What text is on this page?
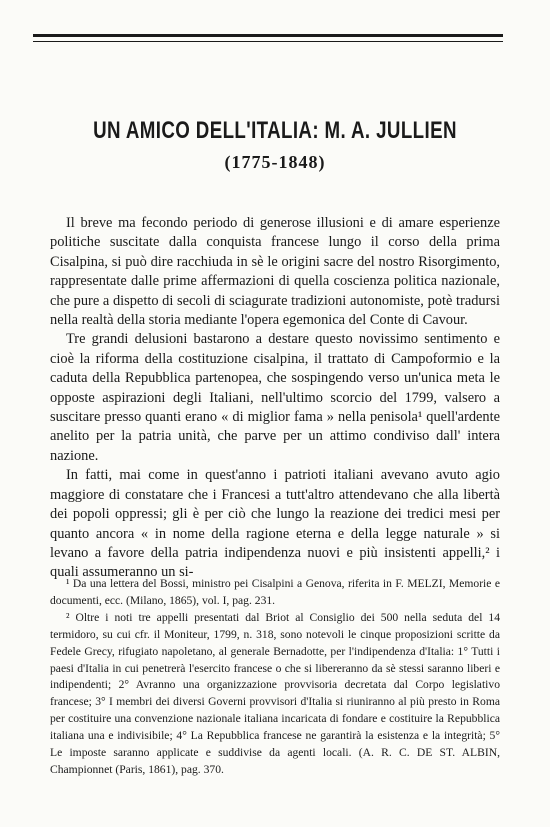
UN AMICO DELL'ITALIA: M. A. JULLIEN
(1775-1848)

Il breve ma fecondo periodo di generose illusioni e di amare esperienze politiche suscitate dalla conquista francese lungo il corso della prima Cisalpina, si può dire racchiuda in sè le origini sacre del nostro Risorgimento, rappresentate dalle prime affermazioni di quella coscienza politica nazionale, che pure a dispetto di secoli di sciagurate tradizioni autonomiste, potè tradursi nella realtà della storia mediante l'opera egemonica del Conte di Cavour.

Tre grandi delusioni bastarono a destare questo novissimo sentimento e cioè la riforma della costituzione cisalpina, il trattato di Campoformio e la caduta della Repubblica partenopea, che sospingendo verso un'unica meta le opposte aspirazioni degli Italiani, nell'ultimo scorcio del 1799, valsero a suscitare presso quanti erano « di miglior fama » nella penisola¹ quell'ardente anelito per la patria unità, che parve per un attimo condiviso dall' intera nazione.

In fatti, mai come in quest'anno i patrioti italiani avevano avuto agio maggiore di constatare che i Francesi a tutt'altro attendevano che alla libertà dei popoli oppressi; gli è per ciò che lungo la reazione dei tredici mesi per quanto ancora « in nome della ragione eterna e della legge naturale » si levano a favore della patria indipendenza nuovi e più insistenti appelli,² i quali assumeranno un si-

¹ Da una lettera del Bossi, ministro pei Cisalpini a Genova, riferita in F. MELZI, Memorie e documenti, ecc. (Milano, 1865), vol. I, pag. 231.

² Oltre i noti tre appelli presentati dal Briot al Consiglio dei 500 nella seduta del 14 termidoro, su cui cfr. il Moniteur, 1799, n. 318, sono notevoli le cinque proposizioni scritte da Fedele Grecy, rifugiato napoletano, al generale Bernadotte, per l'indipendenza d'Italia: 1° Tutti i paesi d'Italia in cui penetrerà l'esercito francese o che si libereranno da sè stessi saranno liberi e indipendenti; 2° Avranno una organizzazione provvisoria decretata dal Corpo legislativo francese; 3° I membri dei diversi Governi provvisori d'Italia si riuniranno al più presto in Roma per costituire una convenzione nazionale italiana incaricata di fondare e costituire la Repubblica italiana una e indivisibile; 4° La Repubblica francese ne garantirà la esistenza e la integrità; 5° Le imposte saranno applicate e suddivise da agenti locali. (A. R. C. DE ST. ALBIN, Championnet (Paris, 1861), pag. 370.
